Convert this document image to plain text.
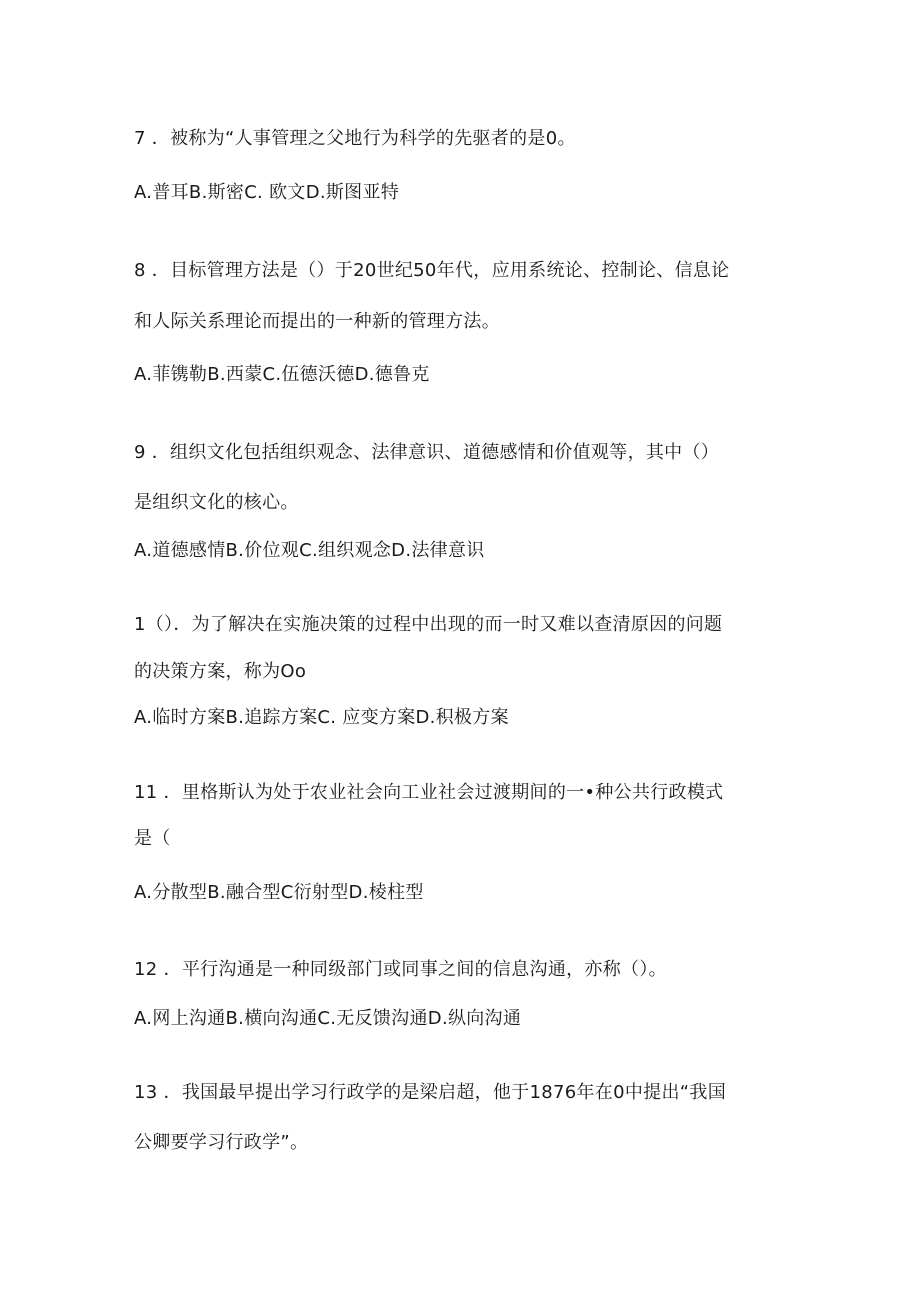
7 ．被称为“人事管理之父地行为科学的先驱者的是0。
A.普耳B.斯密C. 欧文D.斯图亚特
8 ．目标管理方法是（）于20世纪50年代，应用系统论、控制论、信息论
和人际关系理论而提出的一种新的管理方法。
A.菲镌勒B.西蒙C.伍德沃德D.德鲁克
9 ．组织文化包括组织观念、法律意识、道德感情和价值观等，其中（）
是组织文化的核心。
A.道德感情B.价位观C.组织观念D.法律意识
1（）．为了解决在实施决策的过程中出现的而一时又难以查清原因的问题
的决策方案，称为Oo
A.临时方案B.追踪方案C. 应变方案D.积极方案
11 ．里格斯认为处于农业社会向工业社会过渡期间的一•种公共行政模式
是（
A.分散型B.融合型C衍射型D.棱柱型
12 ．平行沟通是一种同级部门或同事之间的信息沟通，亦称（）。
A.网上沟通B.横向沟通C.无反馈沟通D.纵向沟通
13 ．我国最早提出学习行政学的是梁启超，他于1876年在0中提出“我国
公卿要学习行政学”。
